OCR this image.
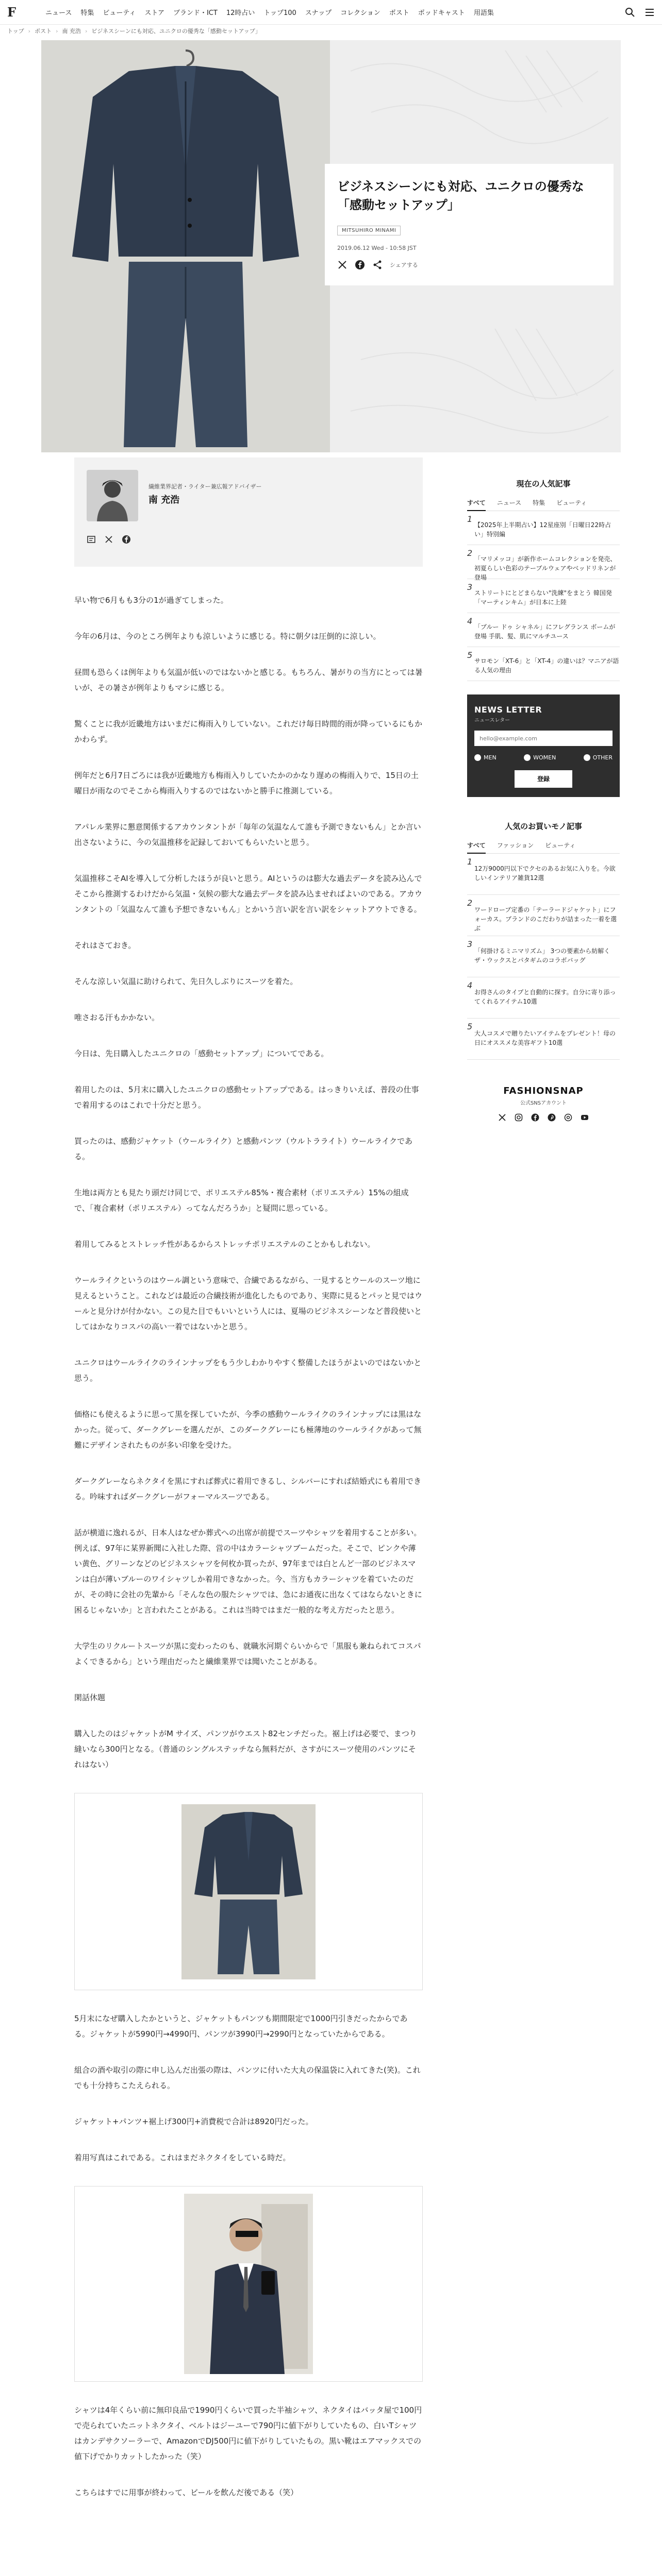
F	ニュース 特集 ビューティ ストア ブランド・ICT 12時占い トップ100 スナップ コレクション ポスト ポッドキャスト 用語集
トップ › ポスト › 南 充浩 › ビジネスシーンにも対応、ユニクロの優秀な「感動セットアップ」
ビジネスシーンにも対応、ユニクロの優秀な「感動セットアップ」
MITSUHIRO MINAMI
2019.06.12 Wed - 10:58 JST
シェアする
繊維業界記者・ライター兼広報アドバイザー
南 充浩

早い物で6月もも3分の1が過ぎてしまった。

今年の6月は、今のところ例年よりも涼しいように感じる。特に朝夕は圧倒的に涼しい。

昼間も恐らくは例年よりも気温が低いのではないかと感じる。もちろん、暑がりの当方にとっては暑いが、その暑さが例年よりもマシに感じる。

驚くことに我が近畿地方はいまだに梅雨入りしていない。これだけ毎日時間的雨が降っているにもかかわらず。

例年だと6月7日ごろには我が近畿地方も梅雨入りしていたかのかなり遅めの梅雨入りで、15日の土曜日が雨なのでそこから梅雨入りするのではないかと勝手に推測している。

アパレル業界に懇意関係するアカウンタントが「毎年の気温なんて誰も予測できないもん」とか言い出さないように、今の気温推移を記録しておいてもらいたいと思う。

気温推移こそAIを導入して分析したほうが良いと思う。AIというのは膨大な過去データを読み込んでそこから推測するわけだから気温・気候の膨大な過去データを読み込ませればよいのである。アカウンタントの「気温なんて誰も予想できないもん」とかいう言い訳を言い訳をシャットアウトできる。

それはさておき。

そんな涼しい気温に助けられて、先日久しぶりにスーツを着た。

唯さおる汗もかかない。

今日は、先日購入したユニクロの「感動セットアップ」についてである。

着用したのは、5月末に購入したユニクロの感動セットアップである。はっきりいえば、普段の仕事で着用するのはこれで十分だと思う。

買ったのは、感動ジャケット（ウールライク）と感動パンツ（ウルトラライト）ウールライクである。

生地は両方とも見たり頭だけ同じで、ポリエステル85%・複合素材（ポリエステル）15%の組成で、「複合素材（ポリエステル）ってなんだろうか」と疑問に思っている。

着用してみるとストレッチ性があるからストレッチポリエステルのことかもしれない。

ウールライクというのはウール調という意味で、合繊であるながら、一見するとウールのスーツ地に見えるということ。これなどは最近の合繊技術が進化したものであり、実際に見るとパッと見ではウールと見分けが付かない。この見た目でもいいという人には、夏場のビジネスシーンなど普段使いとしてはかなりコスパの高い一着ではないかと思う。

ユニクロはウールライクのラインナップをもう少しわかりやすく整備したほうがよいのではないかと思う。

価格にも使えるように思って黒を探していたが、今季の感動ウールライクのラインナップには黒はなかった。従って、ダークグレーを選んだが、このダークグレーにも極薄地のウールライクがあって無難にデザインされたものが多い印象を受けた。

ダークグレーならネクタイを黒にすれば葬式に着用できるし、シルバーにすれば結婚式にも着用できる。吟味すればダークグレーがフォーマルスーツである。

話が横道に逸れるが、日本人はなぜか葬式への出席が前提でスーツやシャツを着用することが多い。例えば、97年に某界新聞に入社した際、営の中はカラーシャツブームだった。そこで、ピンクや薄い黄色、グリーンなどのビジネスシャツを何枚か買ったが、97年までは白とんど一部のビジネスマンは白が薄いブルーのワイシャツしか着用できなかった。今、当方もカラーシャツを着ていたのだが、その時に会社の先輩から「そんな色の服たシャツでは、急にお通夜に出なくてはならないときに困るじゃないか」と言われたことがある。これは当時ではまだ一般的な考え方だったと思う。

大学生のリクルートスーツが黒に変わったのも、就職氷河期ぐらいからで「黒服も兼ねられてコスパよくできるから」という理由だったと繊維業界では聞いたことがある。

閑話休題

購入したのはジャケットがM サイズ、パンツがウエスト82センチだった。裾上げは必要で、まつり縫いなら300円となる。（普通のシングルステッチなら無料だが、さすがにスーツ使用のパンツにそれはない）

5月末になぜ購入したかというと、ジャケットもパンツも期間限定で1000円引きだったからである。ジャケットが5990円→4990円、パンツが3990円→2990円となっていたからである。

組合の酒や取引の際に申し込んだ出張の際は、パンツに付いた大丸の保温袋に入れてきた(笑)。これでも十分持ちこたえられる。

ジャケット+パンツ+裾上げ300円+消費税で合計は8920円だった。

着用写真はこれである。これはまだネクタイをしている時だ。

シャツは4年くらい前に無印良品で1990円くらいで買った半袖シャツ、ネクタイはバッタ屋で100円で売られていたニットネクタイ、ベルトはジーユーで790円に値下がりしていたもの、白いTシャツはカンデサクソーラーで、AmazonでDJ500円に値下がりしていたもの。黒い靴はエアマックスでの値下げでかりカットしたかった（笑）

こちらはすでに用事が終わって、ビールを飲んだ後である（笑）

現在の人気記事
すべて ニュース 特集 ビューティ
1
【2025年上半期占い】12星座別「日曜日22時占い」特別編
2
「マリメッコ」が新作ホームコレクションを発売、初夏らしい色彩のテーブルウェアやベッドリネンが登場
3
ストリートにとどまらない"洗練"をまとう 韓国発「マーティンキム」が日本に上陸
4
「ブルー ドゥ シャネル」にフレグランス ボームが登場 手肌、髪、肌にマルチユース
5
サロモン「XT-6」と「XT-4」の違いは？マニアが語る人気の理由
NEWS LETTER
ニュースレター
hello@example.com
MEN	WOMEN	OTHER
登録
人気のお買いモノ記事
すべて ファッション ビューティ
1
12万9000円以下でクセのあるお気に入りを。今欲しいインテリア雑貨12選
2
ワードローブ定番の「テーラードジャケット」にフォーカス。ブランドのこだわりが詰まった一着を選ぶ
3
「何掛けるミニマリズム」 3つの要素から紡解くザ・ウックスとパタギムのコラボバッグ
4
お得さんのタイプと自動的に探す。自分に寄り添ってくれるアイテム10選
5
大人コスメで贈りたいアイテムをプレゼント！母の日にオススメな美容ギフト10選
FASHIONSNAP
公式SNSアカウント
